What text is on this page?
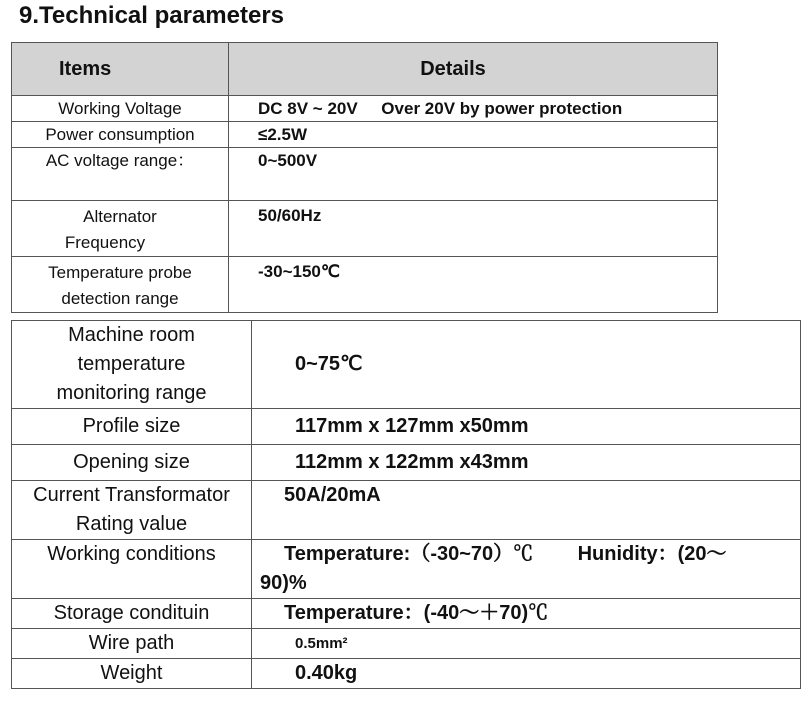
9.Technical parameters
Items	Details
Working Voltage	DC 8V ~ 20V     Over 20V by power protection
Power consumption	≤2.5W
AC voltage range：	0~500V

Alternator
Frequency	50/60Hz

Temperature probe
detection range	-30~150℃
Machine room
temperature
monitoring range	0~75℃
Profile size	117mm x 127mm x50mm
Opening size	112mm x 122mm x43mm

Current Transformator
Rating value	50A/20mA
Working conditions	Temperature:（-30~70）℃        Hunidity：(20～
90)%

Storage condituin	Temperature：(-40～＋70)℃
Wire path	0.5mm²
Weight	0.40kg
